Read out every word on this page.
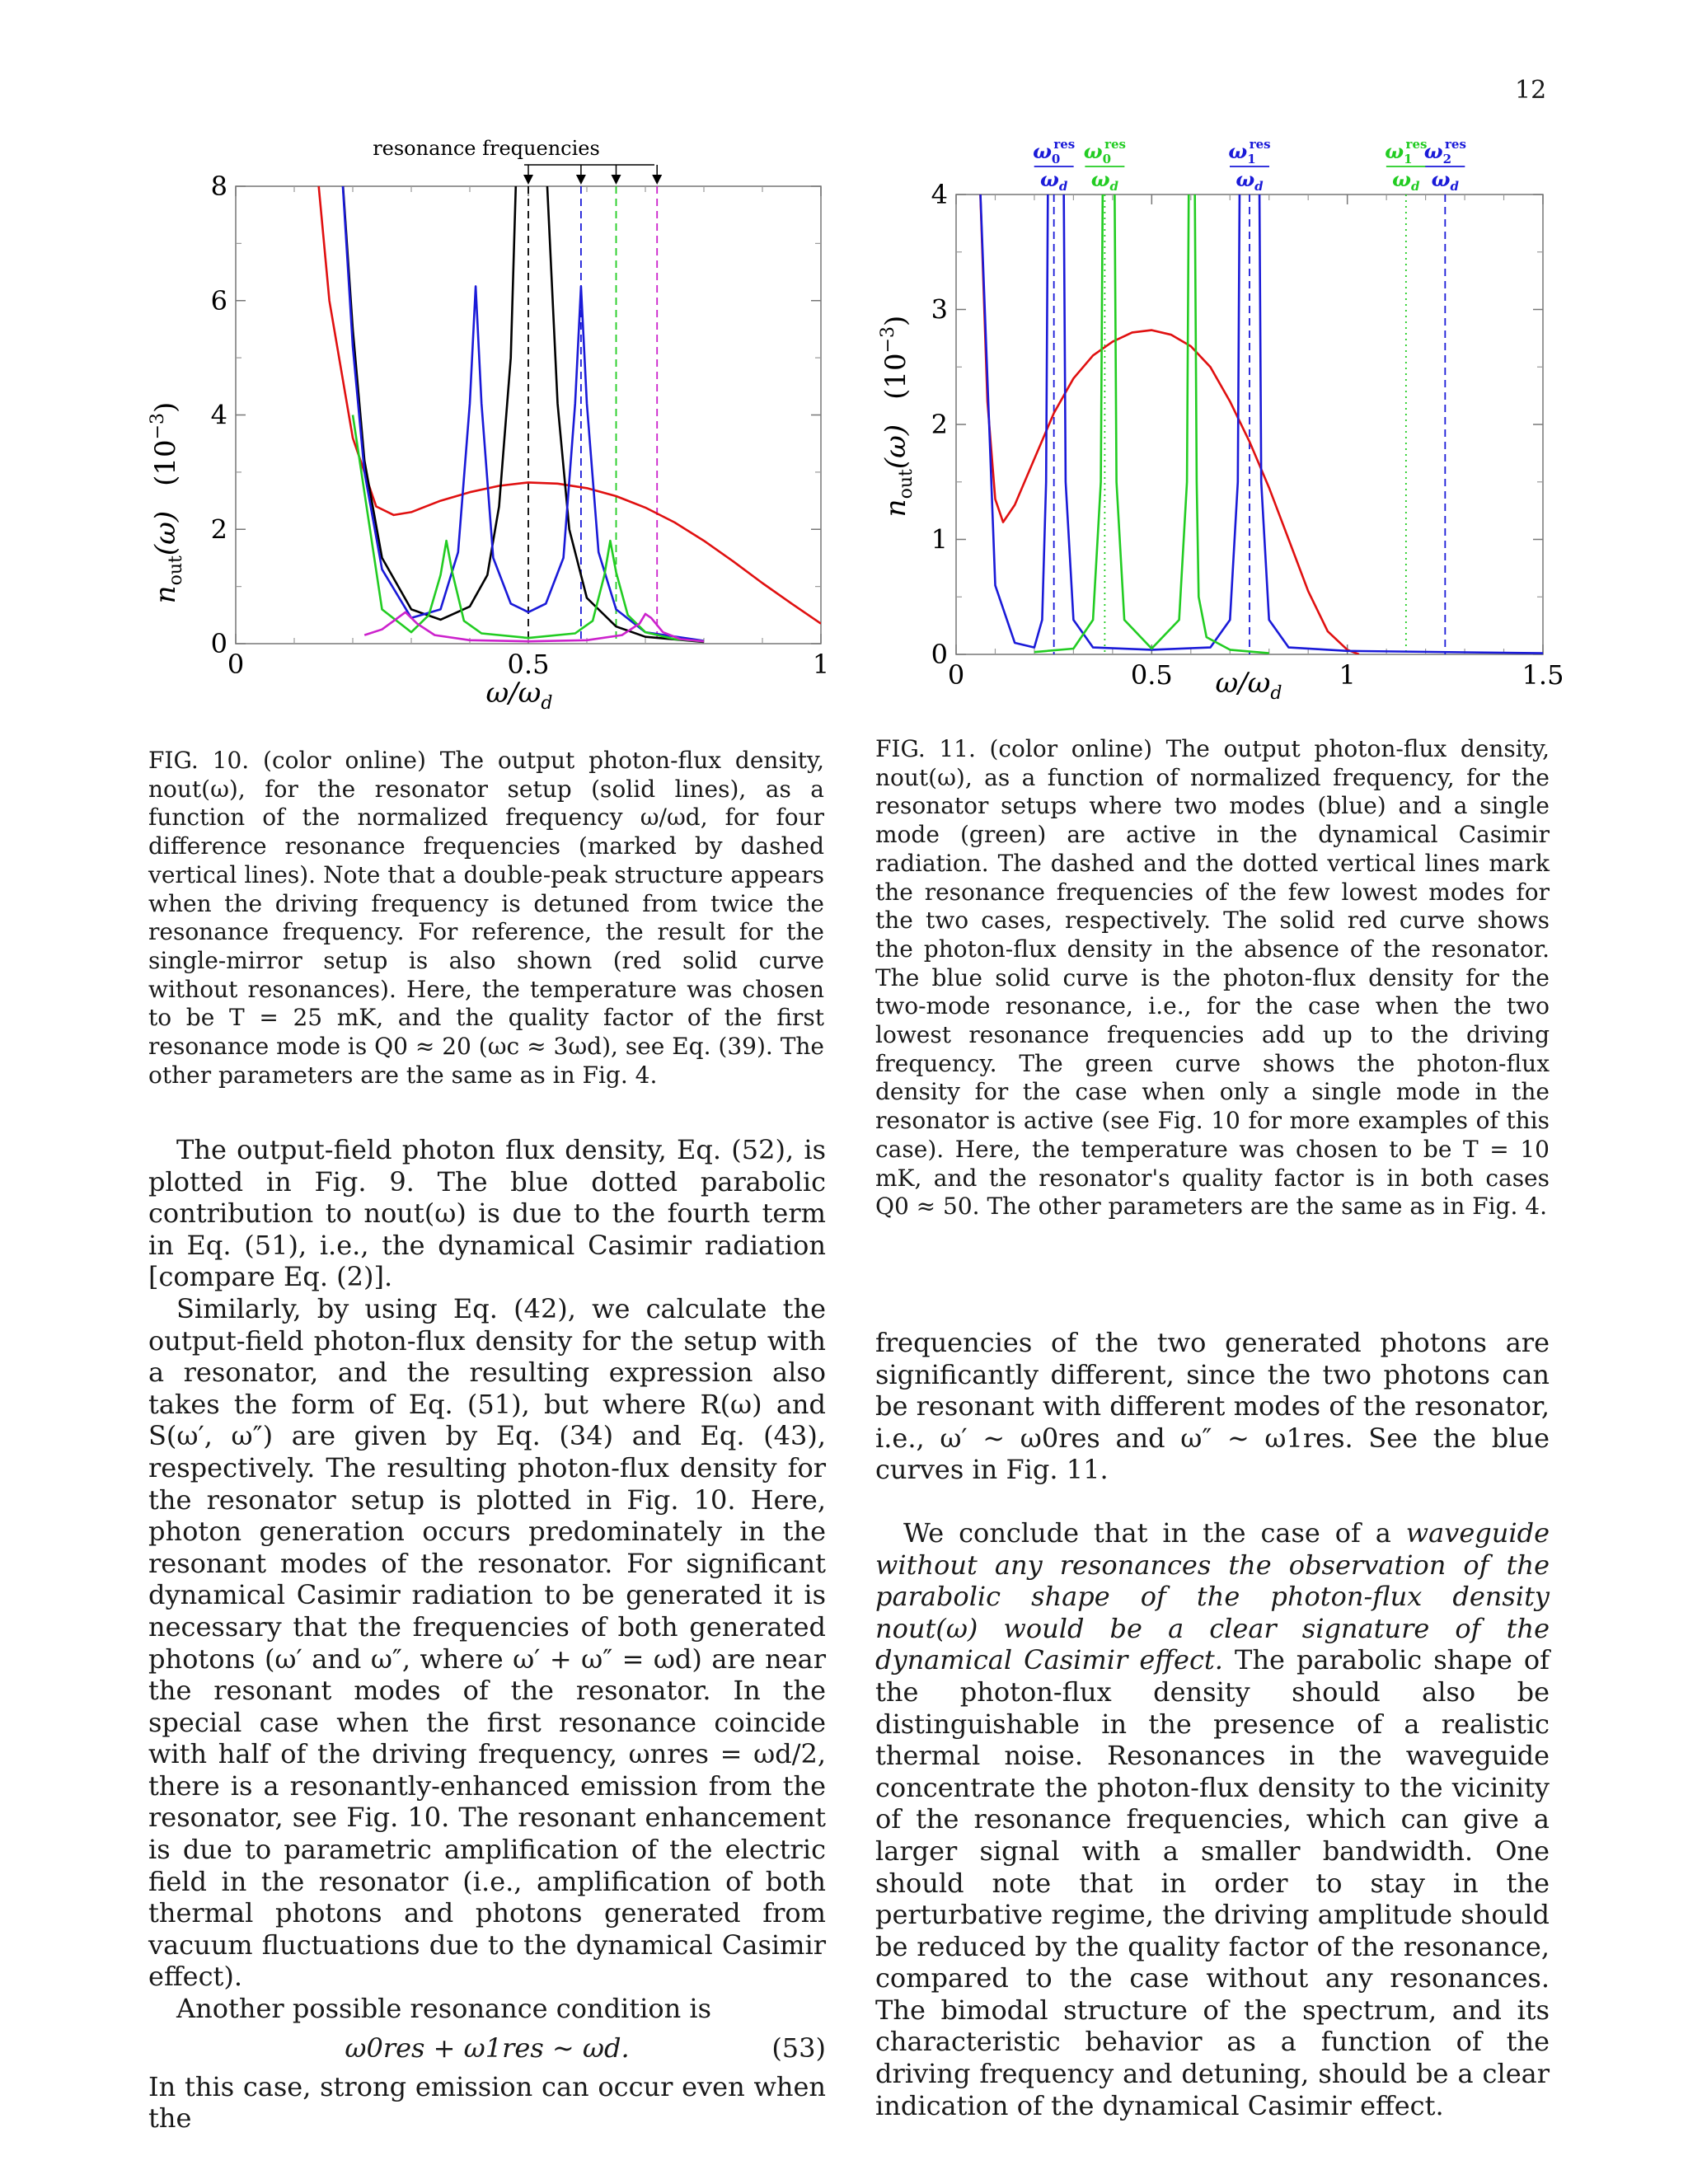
12
resonance frequencies
0	0.5	1
0
2
4
6
8
$\omega/\omega_d$
$n_{out}(\omega)(10^{-3})$
$\omega_0res$
$\omega_d$
$\omega_0res$
$\omega_d$
$\omega_1res$
$\omega_d$
$\omega_1res$
$\omega_d$
$\omega_2res$
$\omega_d$
0	0.5	1	1.5
0
1
2
3
4
$\omega/\omega_d$
$n_{out}(\omega)(10^{-3})$

FIG. 10. (color online) The output photon-flux density, nout(ω), for the resonator setup (solid lines), as a function of the normalized frequency ω/ωd, for four difference resonance frequencies (marked by dashed vertical lines). Note that a double-peak structure appears when the driving frequency is detuned from twice the resonance frequency. For reference, the result for the single-mirror setup is also shown (red solid curve without resonances). Here, the temperature was chosen to be T = 25 mK, and the quality factor of the first resonance mode is Q0 ≈ 20 (ωc ≈ 3ωd), see Eq. (39). The other parameters are the same as in Fig. 4.

FIG. 11. (color online) The output photon-flux density, nout(ω), as a function of normalized frequency, for the resonator setups where two modes (blue) and a single mode (green) are active in the dynamical Casimir radiation. The dashed and the dotted vertical lines mark the resonance frequencies of the few lowest modes for the two cases, respectively. The solid red curve shows the photon-flux density in the absence of the resonator. The blue solid curve is the photon-flux density for the two-mode resonance, i.e., for the case when the two lowest resonance frequencies add up to the driving frequency. The green curve shows the photon-flux density for the case when only a single mode in the resonator is active (see Fig. 10 for more examples of this case). Here, the temperature was chosen to be T = 10 mK, and the resonator's quality factor is in both cases Q0 ≈ 50. The other parameters are the same as in Fig. 4.

The output-field photon flux density, Eq. (52), is plotted in Fig. 9. The blue dotted parabolic contribution to nout(ω) is due to the fourth term in Eq. (51), i.e., the dynamical Casimir radiation [compare Eq. (2)].

Similarly, by using Eq. (42), we calculate the output-field photon-flux density for the setup with a resonator, and the resulting expression also takes the form of Eq. (51), but where R(ω) and S(ω′, ω″) are given by Eq. (34) and Eq. (43), respectively. The resulting photon-flux density for the resonator setup is plotted in Fig. 10. Here, photon generation occurs predominately in the resonant modes of the resonator. For significant dynamical Casimir radiation to be generated it is necessary that the frequencies of both generated photons (ω′ and ω″, where ω′ + ω″ = ωd) are near the resonant modes of the resonator. In the special case when the first resonance coincide with half of the driving frequency, ωnres = ωd/2, there is a resonantly-enhanced emission from the resonator, see Fig. 10. The resonant enhancement is due to parametric amplification of the electric field in the resonator (i.e., amplification of both thermal photons and photons generated from vacuum fluctuations due to the dynamical Casimir effect).

Another possible resonance condition is

ω0res + ω1res ∼ ωd.	(53)

In this case, strong emission can occur even when the

frequencies of the two generated photons are significantly different, since the two photons can be resonant with different modes of the resonator, i.e., ω′ ∼ ω0res and ω″ ∼ ω1res. See the blue curves in Fig. 11.

We conclude that in the case of a waveguide without any resonances the observation of the parabolic shape of the photon-flux density nout(ω) would be a clear signature of the dynamical Casimir effect. The parabolic shape of the photon-flux density should also be distinguishable in the presence of a realistic thermal noise. Resonances in the waveguide concentrate the photon-flux density to the vicinity of the resonance frequencies, which can give a larger signal with a smaller bandwidth. One should note that in order to stay in the perturbative regime, the driving amplitude should be reduced by the quality factor of the resonance, compared to the case without any resonances. The bimodal structure of the spectrum, and its characteristic behavior as a function of the driving frequency and detuning, should be a clear indication of the dynamical Casimir effect.
